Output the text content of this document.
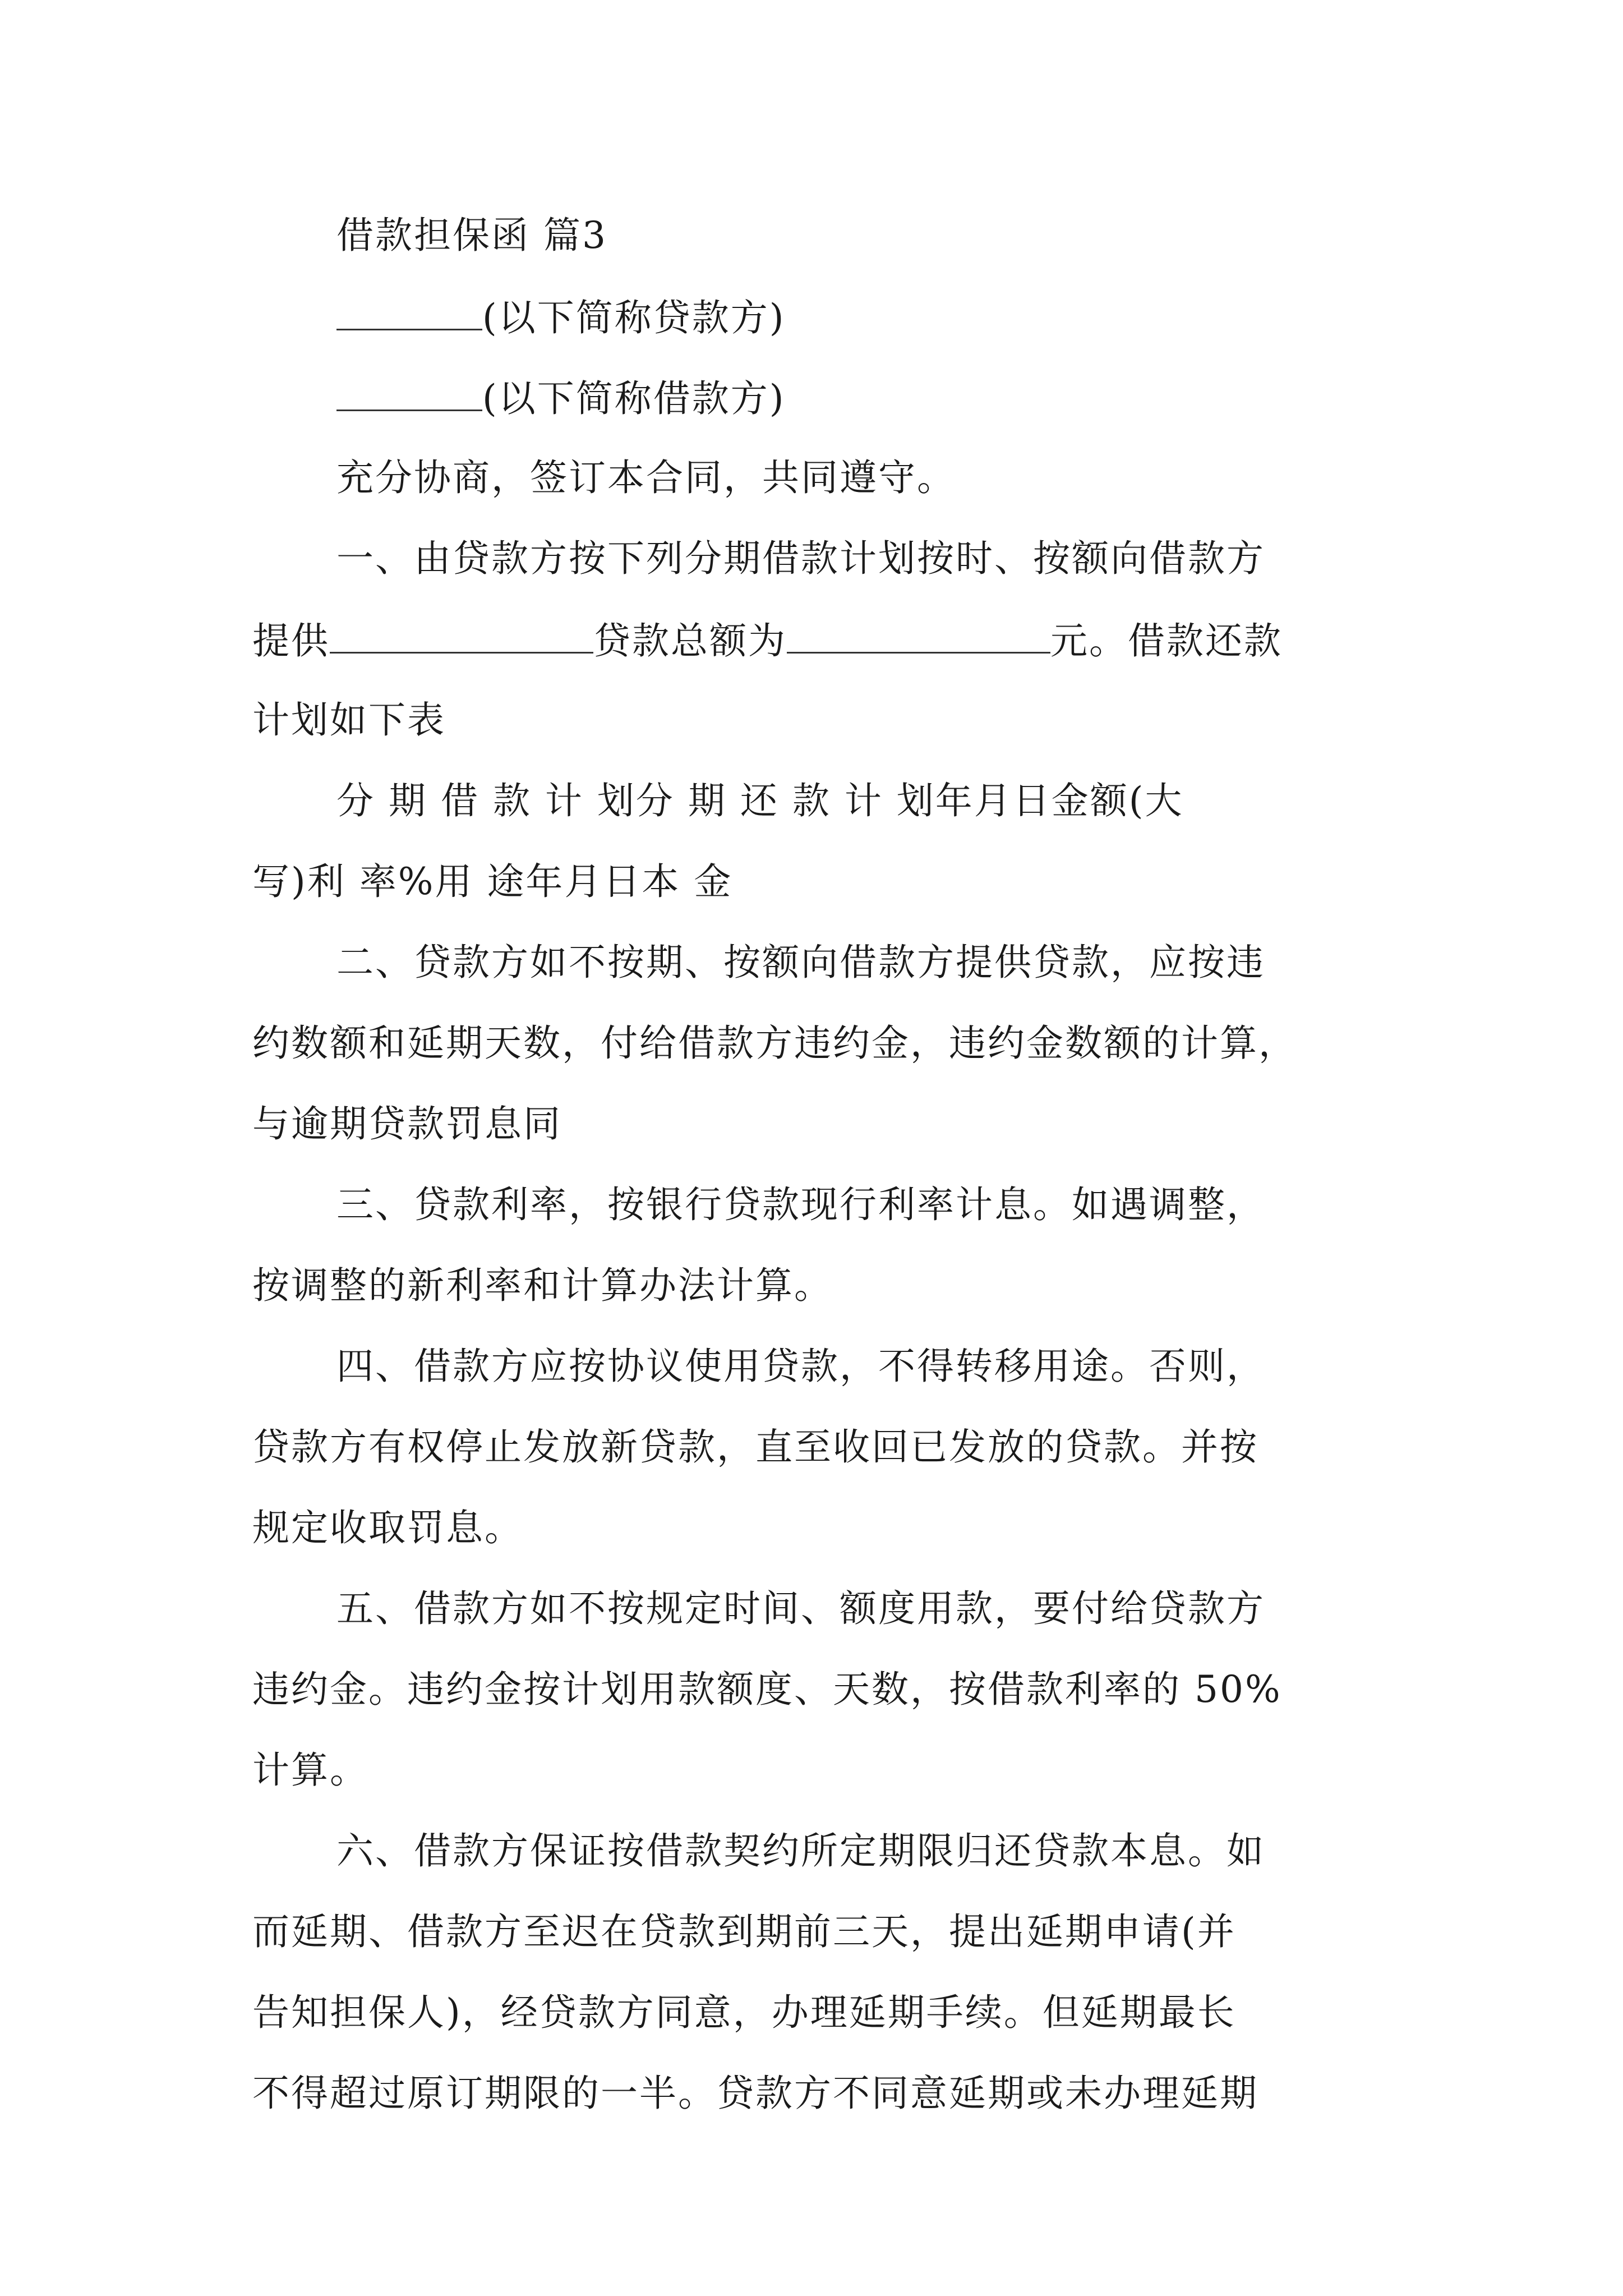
借款担保函 篇3
(以下简称贷款方)
(以下简称借款方)
充分协商，签订本合同，共同遵守。
一、由贷款方按下列分期借款计划按时、按额向借款方
提供	贷款总额为	元。借款还款
计划如下表
分 期 借 款 计 划分 期 还 款 计 划年月日金额(大
写)利 率%用 途年月日本 金
二、贷款方如不按期、按额向借款方提供贷款，应按违
约数额和延期天数，付给借款方违约金，违约金数额的计算，
与逾期贷款罚息同
三、贷款利率，按银行贷款现行利率计息。如遇调整，
按调整的新利率和计算办法计算。
四、借款方应按协议使用贷款，不得转移用途。否则，
贷款方有权停止发放新贷款，直至收回已发放的贷款。并按
规定收取罚息。
五、借款方如不按规定时间、额度用款，要付给贷款方
违约金。违约金按计划用款额度、天数，按借款利率的 50%
计算。
六、借款方保证按借款契约所定期限归还贷款本息。如
而延期、借款方至迟在贷款到期前三天，提出延期申请(并
告知担保人)，经贷款方同意，办理延期手续。但延期最长
不得超过原订期限的一半。贷款方不同意延期或未办理延期
